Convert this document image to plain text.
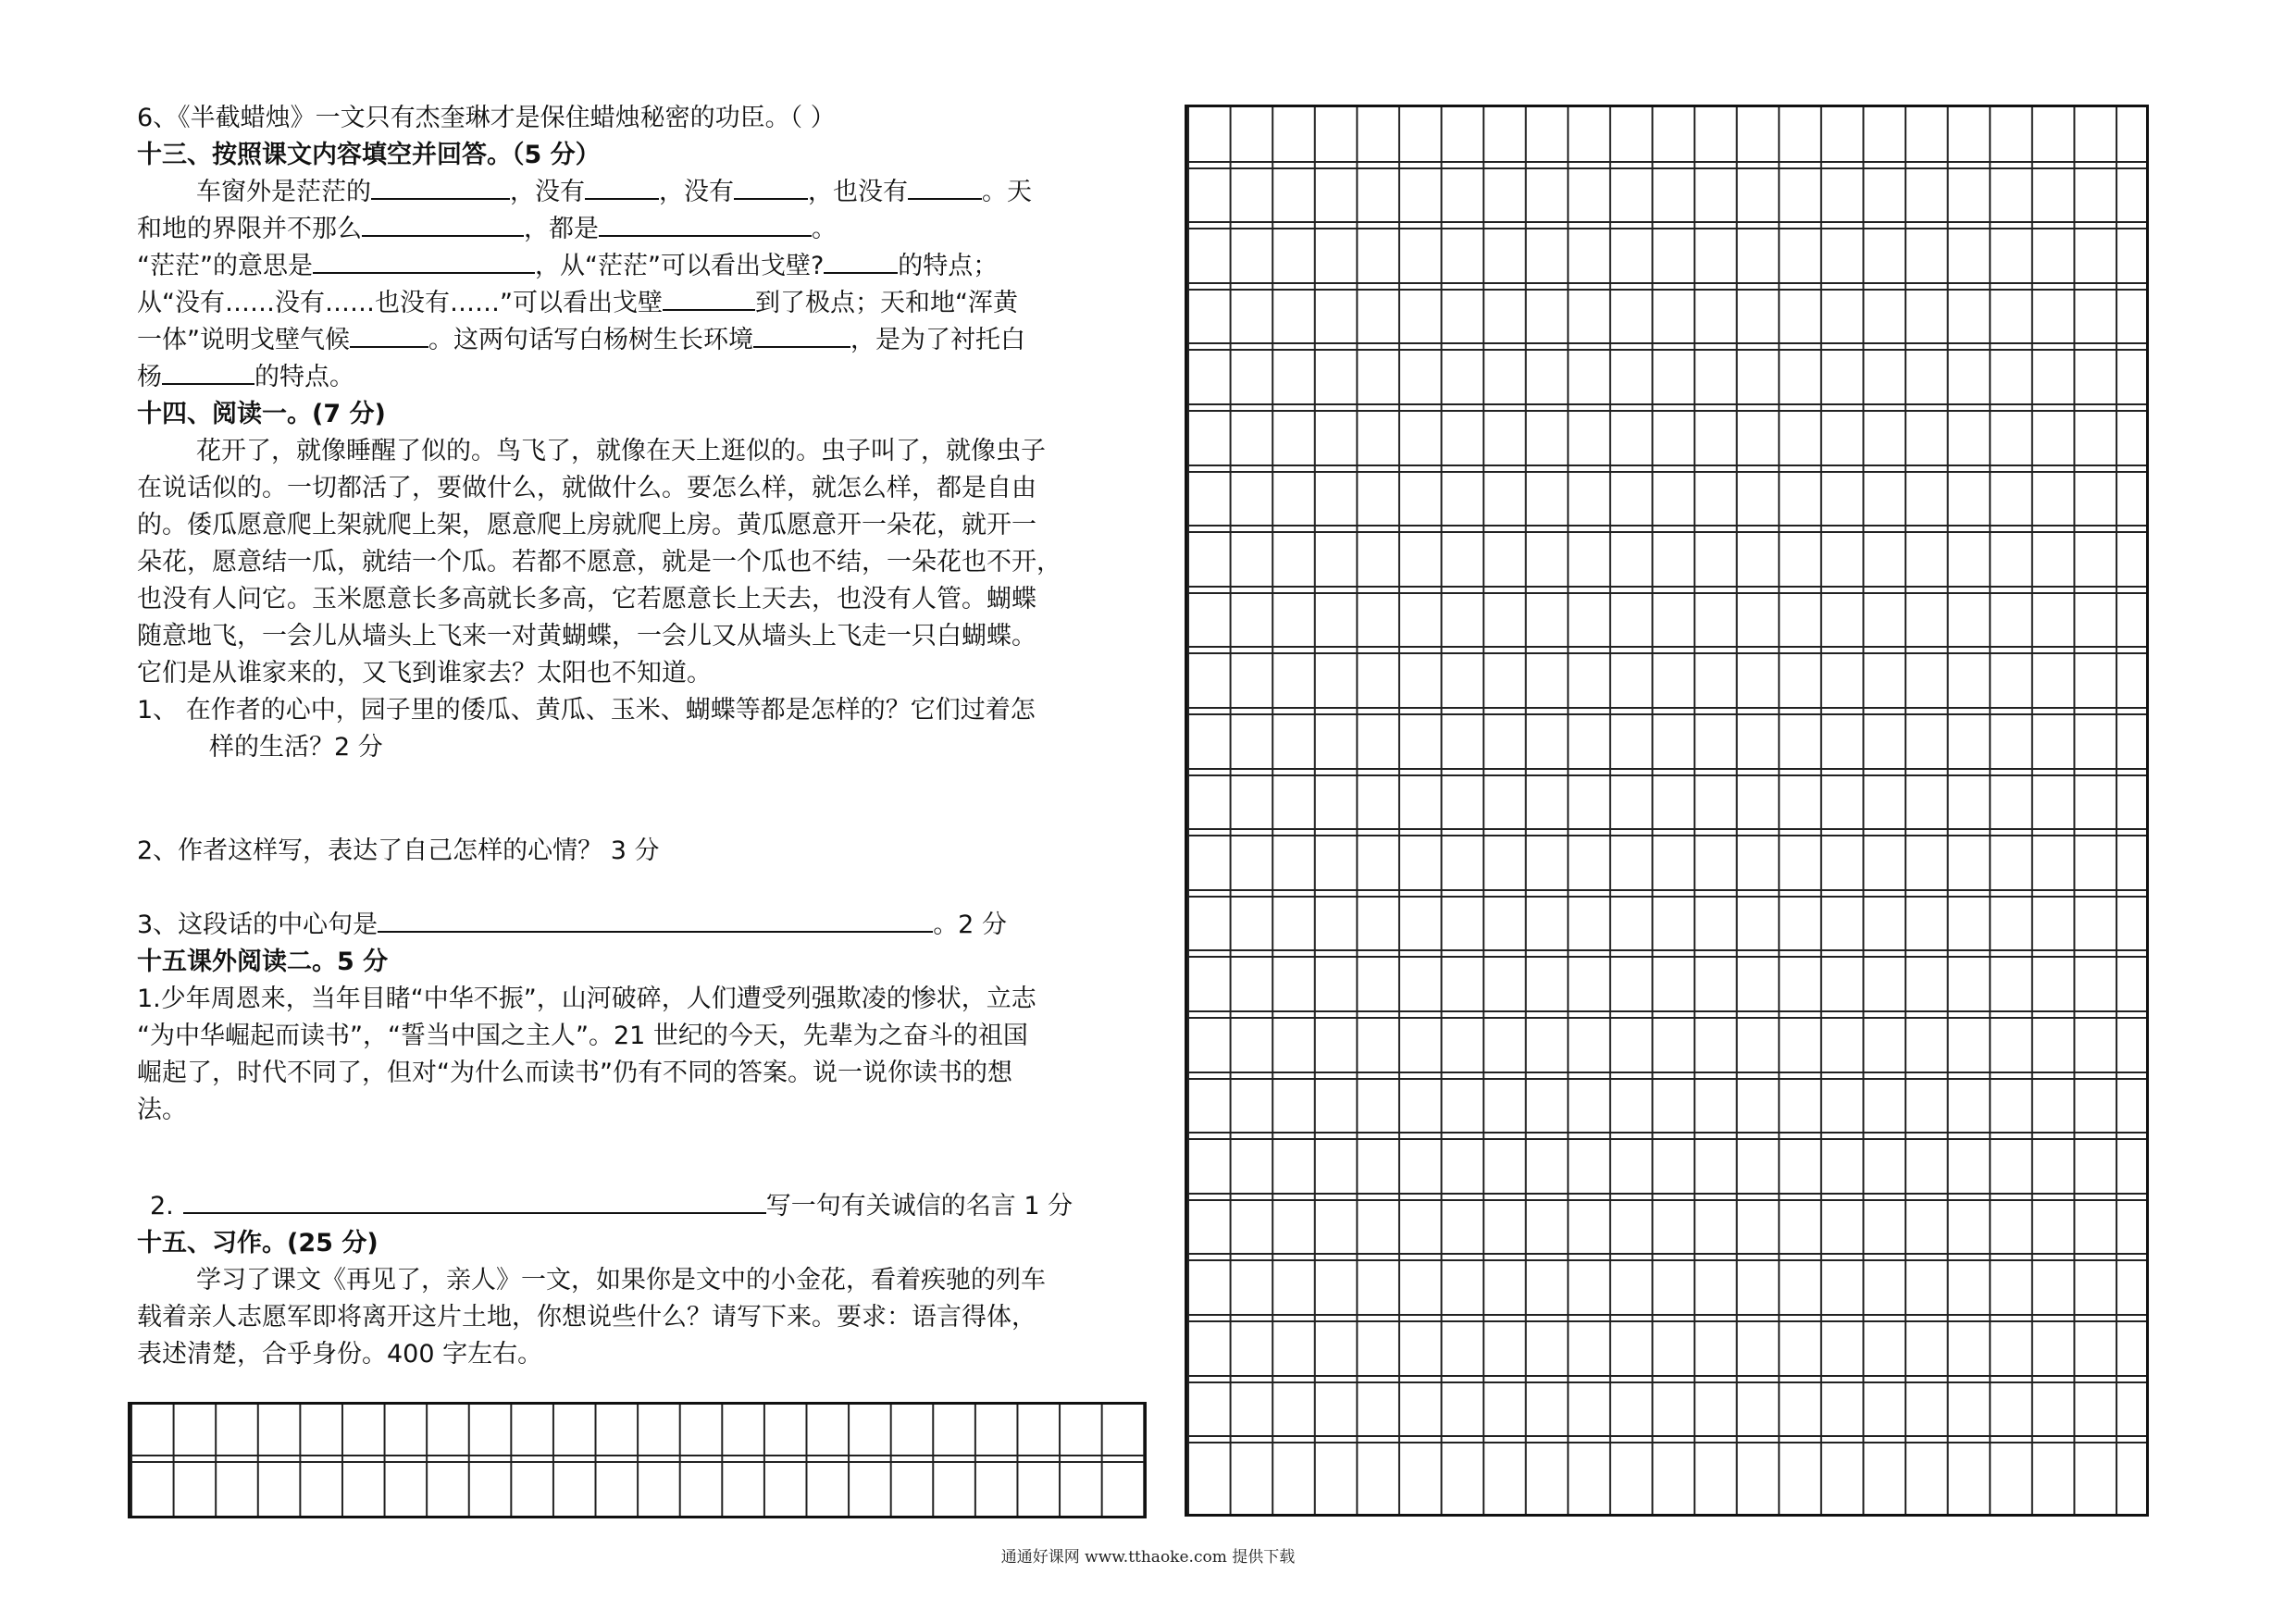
6、《半截蜡烛》一文只有杰奎琳才是保住蜡烛秘密的功臣。（ ）
十三、按照课文内容填空并回答。（5 分）
车窗外是茫茫的	，没有	，没有	，也没有	。天
和地的界限并不那么	，都是	。
“茫茫”的意思是	，从“茫茫”可以看出戈壁?	的特点；
从“没有……没有……也没有……”可以看出戈壁	到了极点；天和地“浑黄
一体”说明戈壁气候	。这两句话写白杨树生长环境	，是为了衬托白
杨	的特点。
十四、阅读一。(7 分)
花开了，就像睡醒了似的。鸟飞了，就像在天上逛似的。虫子叫了，就像虫子
在说话似的。一切都活了，要做什么，就做什么。要怎么样，就怎么样，都是自由
的。倭瓜愿意爬上架就爬上架，愿意爬上房就爬上房。黄瓜愿意开一朵花，就开一
朵花，愿意结一瓜，就结一个瓜。若都不愿意，就是一个瓜也不结，一朵花也不开，
也没有人问它。玉米愿意长多高就长多高，它若愿意长上天去，也没有人管。蝴蝶
随意地飞，一会儿从墙头上飞来一对黄蝴蝶，一会儿又从墙头上飞走一只白蝴蝶。
它们是从谁家来的，又飞到谁家去？太阳也不知道。
1、 在作者的心中，园子里的倭瓜、黄瓜、玉米、蝴蝶等都是怎样的？它们过着怎
样的生活？2 分
2、作者这样写，表达了自己怎样的心情？ 3 分
3、这段话的中心句是	。2 分
十五课外阅读二。5 分
1.少年周恩来，当年目睹“中华不振”，山河破碎，人们遭受列强欺凌的惨状，立志
“为中华崛起而读书”，“誓当中国之主人”。21 世纪的今天，先辈为之奋斗的祖国
崛起了，时代不同了，但对“为什么而读书”仍有不同的答案。说一说你读书的想
法。
2.	写一句有关诚信的名言 1 分
十五、习作。(25 分)
学习了课文《再见了，亲人》一文，如果你是文中的小金花，看着疾驰的列车
载着亲人志愿军即将离开这片土地，你想说些什么？请写下来。要求：语言得体，
表述清楚，合乎身份。400 字左右。
通通好课网 www.tthaoke.com 提供下载
